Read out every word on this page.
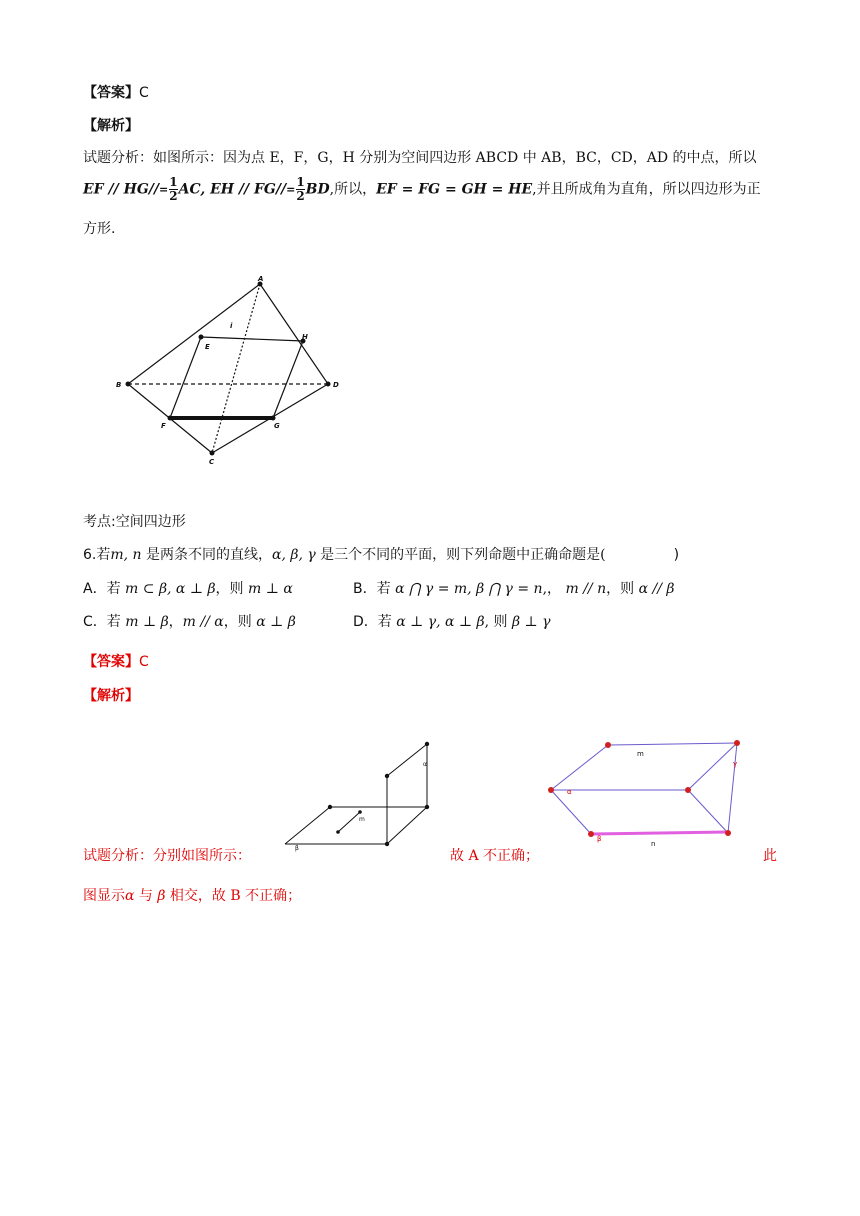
【答案】C
【解析】
试题分析：如图所示：因为点 E，F，G，H 分别为空间四边形 ABCD 中 AB，BC，CD，AD 的中点，所以
EF // $HG//= \frac{1}{2}$ AC, EH // $FG//= \frac{1}{2}$ BD,所以，EF = FG = GH = HE,并且所成角为直角，所以四边形为正
方形.
A
B
C
D
E
F	G
H
i
考点:空间四边形
6.若m, n 是两条不同的直线，α, β, γ 是三个不同的平面，则下列命题中正确命题是(	)
A．若 m ⊂ β, α ⊥ β，则 m ⊥ α	B．若 α ⋂ γ = m, β ⋂ γ = n,， m // n，则 α // β
C．若 m ⊥ β，m // α，则 α ⊥ β	D．若 α ⊥ γ, α ⊥ β, 则 β ⊥ γ
【答案】C
【解析】
β
α
m
m
α
β
γ
n
试题分析：分别如图所示：	故 A 不正确；	此
图显示α 与 β 相交，故 B 不正确；
